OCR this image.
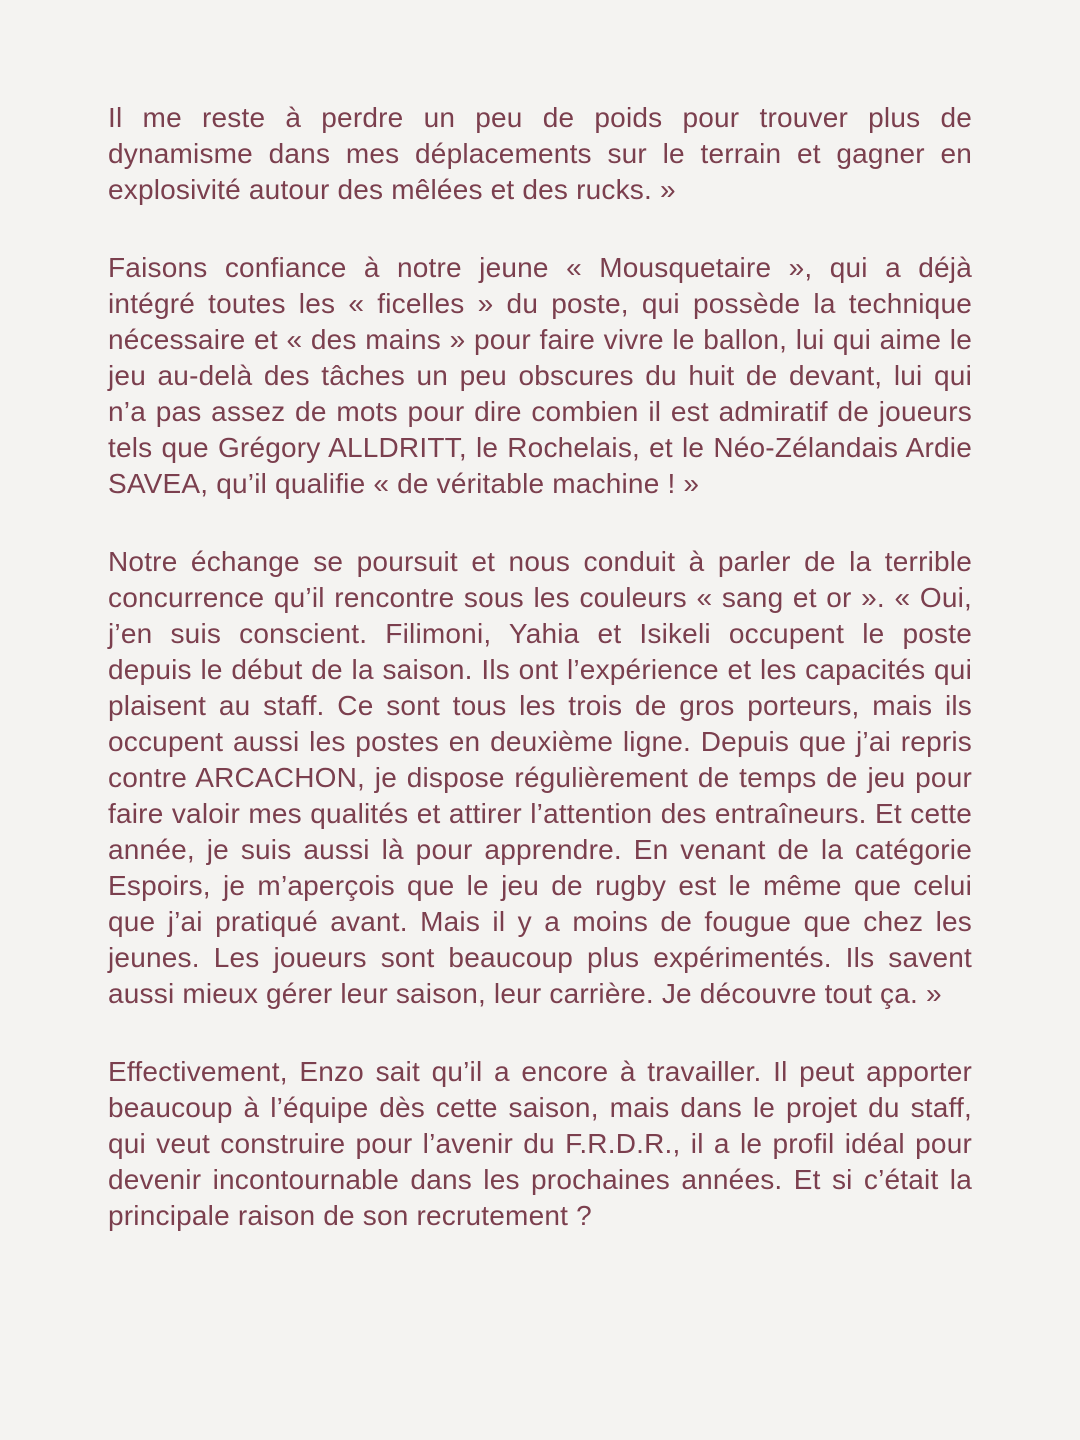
Il me reste à perdre un peu de poids pour trouver plus de dynamisme dans mes déplacements sur le terrain et gagner en explosivité autour des mêlées et des rucks. »

Faisons confiance à notre jeune « Mousquetaire », qui a déjà intégré toutes les « ficelles » du poste, qui possède la technique nécessaire et « des mains » pour faire vivre le ballon, lui qui aime le jeu au-delà des tâches un peu obscures du huit de devant, lui qui n’a pas assez de mots pour dire combien il est admiratif de joueurs tels que Grégory ALLDRITT, le Rochelais, et le Néo-Zélandais Ardie SAVEA, qu’il qualifie « de véritable machine ! »

Notre échange se poursuit et nous conduit à parler de la terrible concurrence qu’il rencontre sous les couleurs « sang et or ». « Oui, j’en suis conscient. Filimoni, Yahia et Isikeli occupent le poste depuis le début de la saison. Ils ont l’expérience et les capacités qui plaisent au staff. Ce sont tous les trois de gros porteurs, mais ils occupent aussi les postes en deuxième ligne. Depuis que j’ai repris contre ARCACHON, je dispose régulièrement de temps de jeu pour faire valoir mes qualités et attirer l’attention des entraîneurs. Et cette année, je suis aussi là pour apprendre. En venant de la catégorie Espoirs, je m’aperçois que le jeu de rugby est le même que celui que j’ai pratiqué avant. Mais il y a moins de fougue que chez les jeunes. Les joueurs sont beaucoup plus expérimentés. Ils savent aussi mieux gérer leur saison, leur carrière. Je découvre tout ça. »

Effectivement, Enzo sait qu’il a encore à travailler. Il peut apporter beaucoup à l’équipe dès cette saison, mais dans le projet du staff, qui veut construire pour l’avenir du F.R.D.R., il a le profil idéal pour devenir incontournable dans les prochaines années. Et si c’était la principale raison de son recrutement ?
